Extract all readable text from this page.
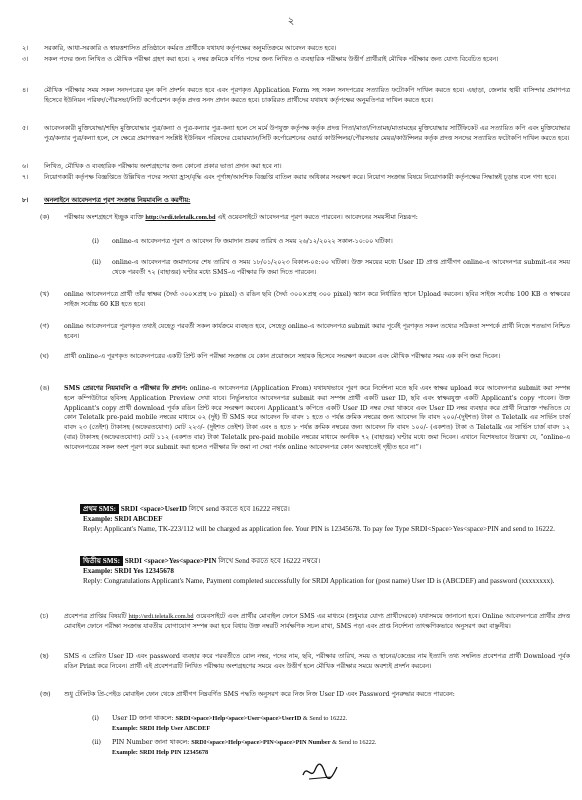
২
২।	সরকারি, আধা-সরকারি ও স্বায়ত্তশাসিত প্রতিষ্ঠানে কর্মরত প্রার্থীকে যথাযথ কর্তৃপক্ষের অনুমতিক্রমে আবেদন করতে হবে।
৩।	সকল পদের জন্য লিখিত ও মৌখিক পরীক্ষা গ্রহণ করা হবে। ২ নম্বর ক্রমিকে বর্ণিত পদের জন্য লিখিত ও ব্যবহারিক পরীক্ষায় উত্তীর্ণ প্রার্থীরাই মৌখিক পরীক্ষার জন্য যোগ্য বিবেচিত হবেন।
৪।	মৌখিক পরীক্ষার সময় সকল সনদপত্রের মূল কপি প্রদর্শন করতে হবে এবং পূরণকৃত Application Form সহ সকল সনদপত্রের সত্যায়িত ফটোকপি দাখিল করতে হবে। এছাড়া, জেলার স্থায়ী বাসিন্দার প্রমাণপত্র হিসেবে ইউনিয়ন পরিষদ/পৌরসভা/সিটি কর্পোরেশন কর্তৃক প্রদত্ত সনদ প্রদান করতে হবে। চাকরিরত প্রার্থীদের যথাযথ কর্তৃপক্ষের অনুমতিপত্র দাখিল করতে হবে।
৫।	আবেদনকারী মুক্তিযোদ্ধা/শহিদ মুক্তিযোদ্ধার পুত্র/কন্যা ও পুত্র-কন্যার পুত্র-কন্যা হলে সে মর্মে উপযুক্ত কর্তৃপক্ষ কর্তৃক প্রদত্ত পিতা/মাতা/পিতামহ/মাতামহের মুক্তিযোদ্ধার সার্টিফিকেট এর সত্যায়িত কপি এবং মুক্তিযোদ্ধার পুত্র/কন্যার পুত্র/কন্যা হলে, সে ক্ষেত্রে প্রমাণস্বরূপ সংশ্লিষ্ট ইউনিয়ন পরিষদের চেয়ারম্যান/সিটি কর্পোরেশনের ওয়ার্ড কাউন্সিলর/পৌরসভার মেয়র/কাউন্সিলর কর্তৃক প্রদত্ত সনদের সত্যায়িত ফটোকপি দাখিল করতে হবে।
৬।	লিখিত, মৌখিক ও ব্যবহারিক পরীক্ষায় অংশগ্রহণের জন্য কোনো প্রকার ভাতা প্রদান করা হবে না।
৭।	নিয়োগকারী কর্তৃপক্ষ বিজ্ঞপ্তিতে উল্লিখিত পদের সংখ্যা হ্রাস/বৃদ্ধি এবং পূর্ণাঙ্গ/আংশিক বিজ্ঞপ্তি বাতিল করার অধিকার সংরক্ষণ করে। নিয়োগ সংক্রান্ত বিষয়ে নিয়োগকারী কর্তৃপক্ষের সিদ্ধান্তই চূড়ান্ত বলে গণ্য হবে।
৮।	অনলাইনে আবেদনপত্র পূরণ সংক্রান্ত নিয়মাবলি ও করণীয়:
(ক)	পরীক্ষায় অংশগ্রহণে ইচ্ছুক ব্যক্তি http://srdi.teletalk.com.bd এই ওয়েবসাইটে আবেদনপত্র পূরণ করতে পারবেন। আবেদনের সময়সীমা নিম্নরূপ:
(i)	online-এ আবেদনপত্র পূরণ ও আবেদন ফি জমাদান শুরুর তারিখ ও সময় ২৬/১২/২০২২ সকাল-১০:০০ ঘটিকা।
(ii)	online-এ আবেদনপত্র জমাদানের শেষ তারিখ ও সময় ১৮/০১/২০২৩ বিকাল-০৫:০০ ঘটিকা। উক্ত সময়ের মধ্যে User ID প্রাপ্ত প্রার্থীগণ online-এ আবেদনপত্র submit-এর সময় থেকে পরবর্তী ৭২ (বাহাত্তর) ঘণ্টার মধ্যে SMS-এ পরীক্ষার ফি জমা দিতে পারবেন।
(খ)	online আবেদনপত্রে প্রার্থী তাঁর স্বাক্ষর (দৈর্ঘ্য ৩০০×প্রস্থ ৮০ pixel) ও রঙিন ছবি (দৈর্ঘ্য ৩০০×প্রস্থ ৩০০ pixel) স্ক্যান করে নির্ধারিত স্থানে Upload করবেন। ছবির সাইজ সর্বোচ্চ 100 KB ও স্বাক্ষরের সাইজ সর্বোচ্চ 60 KB হতে হবে।
(গ)	online আবেদনপত্রে পূরণকৃত তথ্যই যেহেতু পরবর্তী সকল কার্যক্রমে ব্যবহৃত হবে, সেহেতু online-এ আবেদনপত্র submit করার পূর্বেই পূরণকৃত সকল তথ্যের সঠিকতা সম্পর্কে প্রার্থী নিজে শতভাগ নিশ্চিত হবেন।
(ঘ)	প্রার্থী online-এ পূরণকৃত আবেদনপত্রের একটি প্রিন্ট কপি পরীক্ষা সংক্রান্ত যে কোন প্রয়োজনে সহায়ক হিসেবে সংরক্ষণ করবেন এবং মৌখিক পরীক্ষার সময় এক কপি জমা দিবেন।
(ঙ)	SMS প্রেরণের নিয়মাবলি ও পরীক্ষার ফি প্রদান: online-এ আবেদনপত্র (Application From) যথাযথভাবে পূরণ করে নির্দেশনা মতে ছবি এবং স্বাক্ষর upload করে আবেদনপত্র submit করা সম্পন্ন হলে কম্পিউটারে ছবিসহ Application Preview দেখা যাবে। নির্ভুলভাবে আবেদনপত্র submit করা সম্পন্ন প্রার্থী একটি user ID, ছবি এবং স্বাক্ষরযুক্ত একটি Applicant's copy পাবেন। উক্ত Applicant's copy প্রার্থী download পূর্বক রঙিন প্রিন্ট করে সংরক্ষণ করবেন। Applicant's কপিতে একটি User ID নম্বর দেয়া থাকবে এবং User ID নম্বর ব্যবহার করে প্রার্থী নিম্নোক্ত পদ্ধতিতে যে কোন Teletalk pre-paid mobile নম্বরের মাধ্যমে ০২ (দুই) টি SMS করে আবেদন ফি বাবদ ১ হতে ৩ পর্যন্ত ক্রমিক নম্বরের জন্য আবেদন ফি বাবদ ২০০/-(দুইশত) টাকা ও Teletalk এর সার্ভিস চার্জ বাবদ ২৩ (তেইশ) টাকাসহ (অফেরতযোগ্য) মোট ২২৩/- (দুইশত তেইশ) টাকা এবং ৪ হতে ৮ পর্যন্ত ক্রমিক নম্বরের জন্য আবেদন ফি বাবদ ১০০/- (একশত) টাকা ও Teletalk এর সার্ভিস চার্জ বাবদ ১২ (বার) টাকাসহ (অফেরতযোগ্য) মোট ১১২ (একশত বার) টাকা Teletalk pre-paid mobile নম্বরের মাধ্যমে অনধিক ৭২ (বাহাত্তর) ঘণ্টার মধ্যে জমা দিবেন। এখানে বিশেষভাবে উল্লেখ্য যে, “online-এ আবেদনপত্রের সকল অংশ পূরণ করে submit করা হলেও পরীক্ষার ফি জমা না দেয়া পর্যন্ত online আবেদনপত্র কোন অবস্থাতেই গৃহীত হবে না”।
প্রথম SMS: SRDI <space>UserID লিখে send করতে হবে 16222 নম্বরে।
Example: SRDI ABCDEF
Reply: Applicant's Name, TK-223/112 will be charged as application fee. Your PIN is 12345678. To pay fee Type SRDI<Space>Yes<space>PIN and send to 16222.
দ্বিতীয় SMS: SRDI <space>Yes<space>PIN লিখে Send করতে হবে 16222 নম্বরে।
Example: SRDI Yes 12345678
Reply: Congratulations Applicant's Name, Payment completed successfully for SRDI Application for (post name) User ID is (ABCDEF) and password (xxxxxxxx).
(চ)	প্রবেশপত্র প্রাপ্তির বিষয়টি http://srdi.teletalk.com.bd ওয়েবসাইটে এবং প্রার্থীর মোবাইল ফোনে SMS এর মাধ্যমে (শুধুমাত্র যোগ্য প্রার্থীদেরকে) যথাসময়ে জানানো হবে। Online আবেদনপত্রে প্রার্থীর প্রদত্ত মোবাইল ফোনে পরীক্ষা সংক্রান্ত যাবতীয় যোগাযোগ সম্পন্ন করা হবে বিধায় উক্ত নম্বরটি সার্বক্ষণিক সচল রাখা, SMS পড়া এবং প্রাপ্ত নির্দেশনা তাৎক্ষণিকভাবে অনুসরণ করা বাঞ্ছনীয়।
(ছ)	SMS এ প্রেরিত User ID এবং password ব্যবহার করে পরবর্তীতে রোল নম্বর, পদের নাম, ছবি, পরীক্ষার তারিখ, সময় ও স্থানের/কেন্দ্রের নাম ইত্যাদি তথ্য সম্বলিত প্রবেশপত্র প্রার্থী Download পূর্বক রঙিন Print করে নিবেন। প্রার্থী এই প্রবেশপত্রটি লিখিত পরীক্ষায় অংশগ্রহণের সময়ে এবং উত্তীর্ণ হলে মৌখিক পরীক্ষার সময়ে অবশ্যই প্রদর্শন করবেন।
(জ)	শুধু টেলিটক প্রি-পেইড মোবাইল ফোন থেকে প্রার্থীগণ নিম্নবর্ণিত SMS পদ্ধতি অনুসরণ করে নিজ নিজ User ID এবং Password পুনরুদ্ধার করতে পারবেন:
(i)	User ID জানা থাকলে: SRDI<space>Help<space>User<space>UserID & Send to 16222.
Example: SRDI Help User ABCDEF
(ii)	PIN Number জানা থাকলে: SRDI<space>Help<space>PIN<space>PIN Number & Send to 16222.
Example: SRDI Help PIN 12345678
